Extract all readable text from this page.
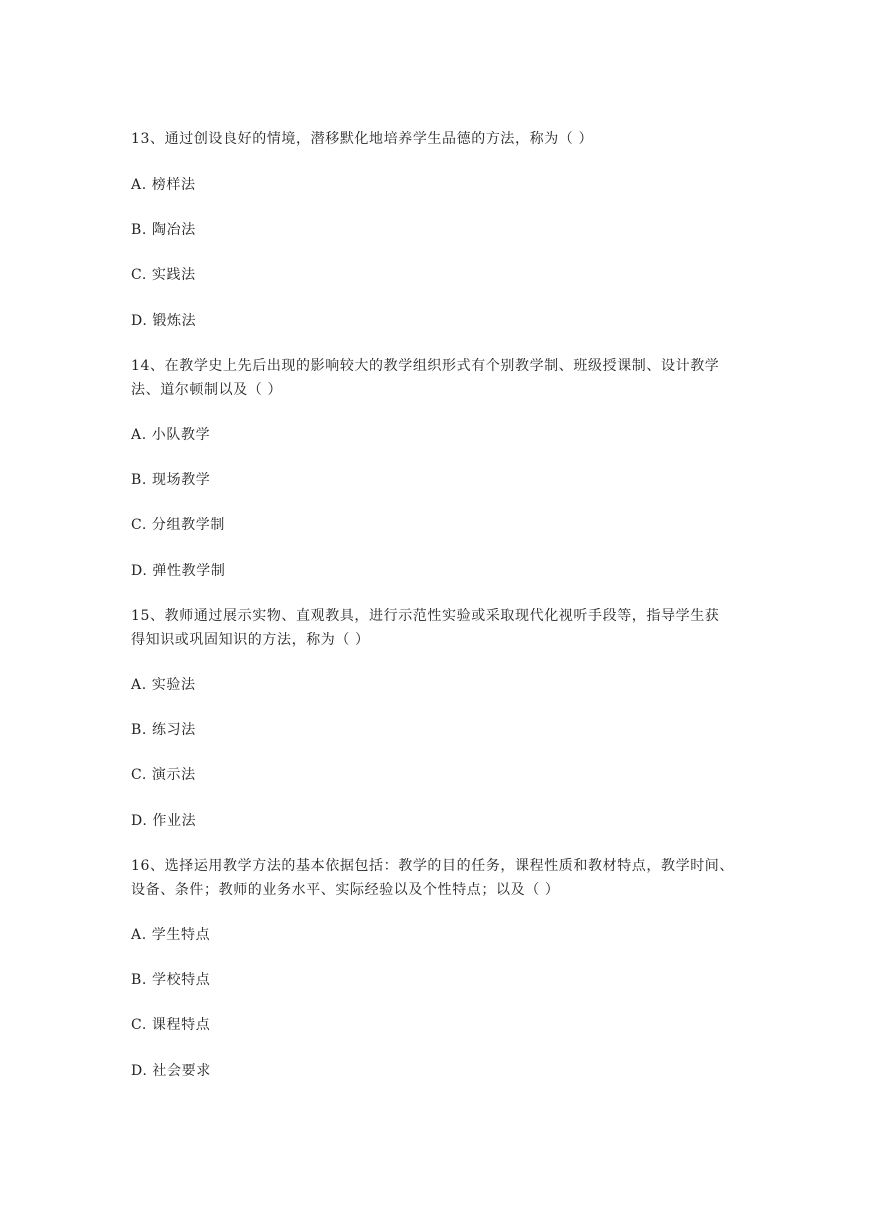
13、通过创设良好的情境，潜移默化地培养学生品德的方法，称为（ ）
A. 榜样法
B. 陶冶法
C. 实践法
D. 锻炼法
14、在教学史上先后出现的影响较大的教学组织形式有个别教学制、班级授课制、设计教学
法、道尔顿制以及（ ）
A. 小队教学
B. 现场教学
C. 分组教学制
D. 弹性教学制
15、教师通过展示实物、直观教具，进行示范性实验或采取现代化视听手段等，指导学生获
得知识或巩固知识的方法，称为（ ）
A. 实验法
B. 练习法
C. 演示法
D. 作业法
16、选择运用教学方法的基本依据包括：教学的目的任务，课程性质和教材特点，教学时间、
设备、条件；教师的业务水平、实际经验以及个性特点；以及（ ）
A. 学生特点
B. 学校特点
C. 课程特点
D. 社会要求
